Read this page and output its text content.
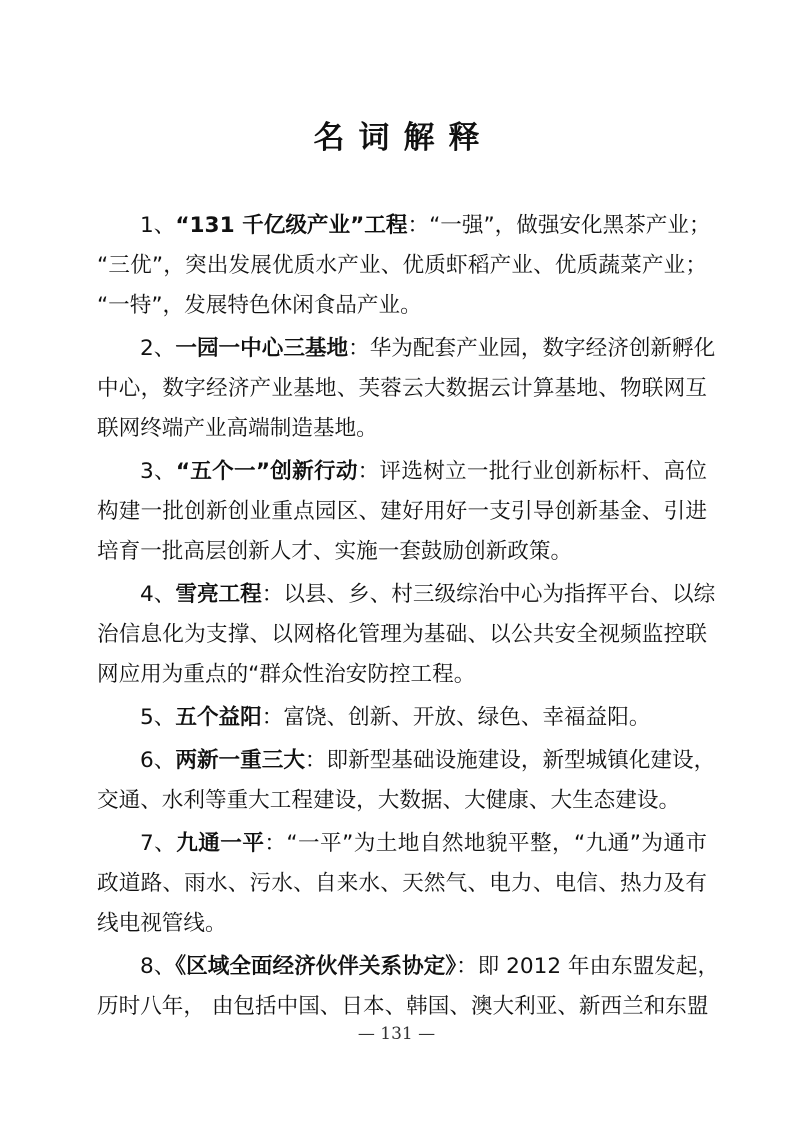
名词解释
1、“131 千亿级产业”工程：“一强”，做强安化黑茶产业；
“三优”，突出发展优质水产业、优质虾稻产业、优质蔬菜产业；
“一特”，发展特色休闲食品产业。
2、一园一中心三基地：华为配套产业园，数字经济创新孵化
中心，数字经济产业基地、芙蓉云大数据云计算基地、物联网互
联网终端产业高端制造基地。
3、“五个一”创新行动：评选树立一批行业创新标杆、高位
构建一批创新创业重点园区、建好用好一支引导创新基金、引进
培育一批高层创新人才、实施一套鼓励创新政策。
4、雪亮工程：以县、乡、村三级综治中心为指挥平台、以综
治信息化为支撑、以网格化管理为基础、以公共安全视频监控联
网应用为重点的“群众性治安防控工程。
5、五个益阳：富饶、创新、开放、绿色、幸福益阳。
6、两新一重三大：即新型基础设施建设，新型城镇化建设，
交通、水利等重大工程建设，大数据、大健康、大生态建设。
7、九通一平：“一平”为土地自然地貌平整，“九通”为通市
政道路、雨水、污水、自来水、天然气、电力、电信、热力及有
线电视管线。
8、《区域全面经济伙伴关系协定》：即 2012 年由东盟发起，
历时八年， 由包括中国、日本、韩国、澳大利亚、新西兰和东盟
— 131 —
